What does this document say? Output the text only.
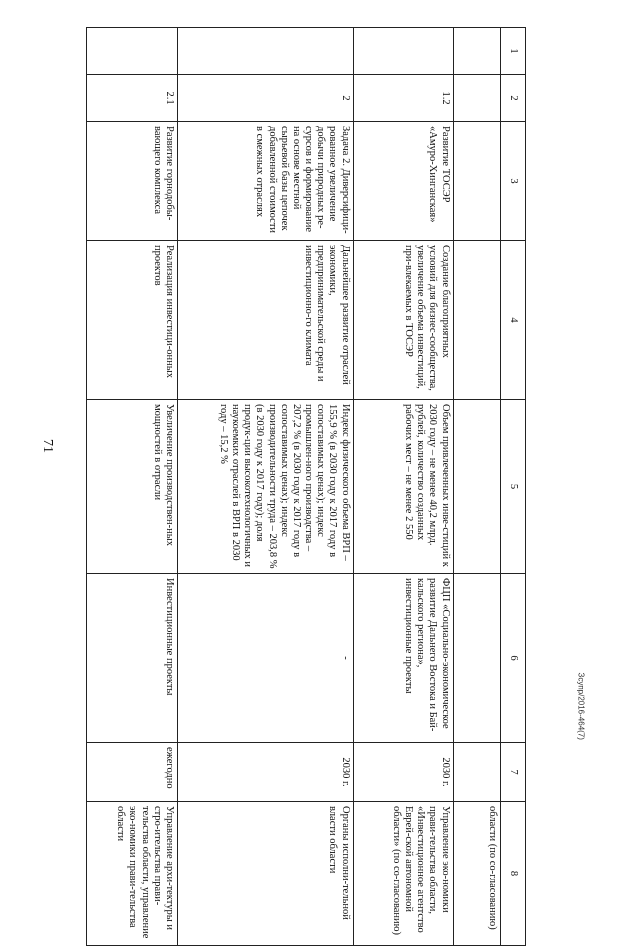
71
1	2	3	4	5	6	7	8
							области (по со-гласованию)
	1.2	Развитие ТОСЭР «Амуро-Хинганская»	Создание благоприятных условий для бизнес-сообщества, увеличение объема инвестиций, при-влекаемых в ТОСЭР	Объем привлеченных инве-стиций к 2030 году – не менее 40,2 млрд. рублей, количество созданных рабочих мест – не менее 2 550	ФЦП «Социально-экономическое развитие Дальнего Востока и Бай-кальского региона», инвестиционные проекты	2030 г.	Управление эко-номики прави-тельства области, «Инвестиционное агентство Еврей-ской автономной области» (по со-гласованию)
	2	Задача 2. Диверсифици-рованное увеличение добычи природных ре-сурсов и формирование на основе местной сырьевой базы цепочек добавленной стоимости в смежных отраслях	Дальнейшее развитие отраслей экономики, предпринимательской среды и инвестиционно-го климата	Индекс физического объема ВРП – 155,9 % (в 2030 году к 2017 году в сопоставимых ценах); индекс промышлен-ного производства – 207,2 % (в 2030 году к 2017 году в сопоставимых ценах); индекс производительности труда – 203,8 % (в 2030 году к 2017 году); доля продук-ции высокотехнологичных и наукоемких отраслей в ВРП в 2030 году – 15,2 %	-	2030 г.	Органы исполни-тельной власти области
	2.1	Развитие горнодобы-вающего комплекса	Реализация инвестици-онных проектов	Увеличение производствен-ных мощностей в отрасли	Инвестиционные проекты	ежегодно	Управление архи-тектуры и стро-ительства прави-тельства области, управление эко-номики прави-тельства области
Зсупр/2016-464(7)
